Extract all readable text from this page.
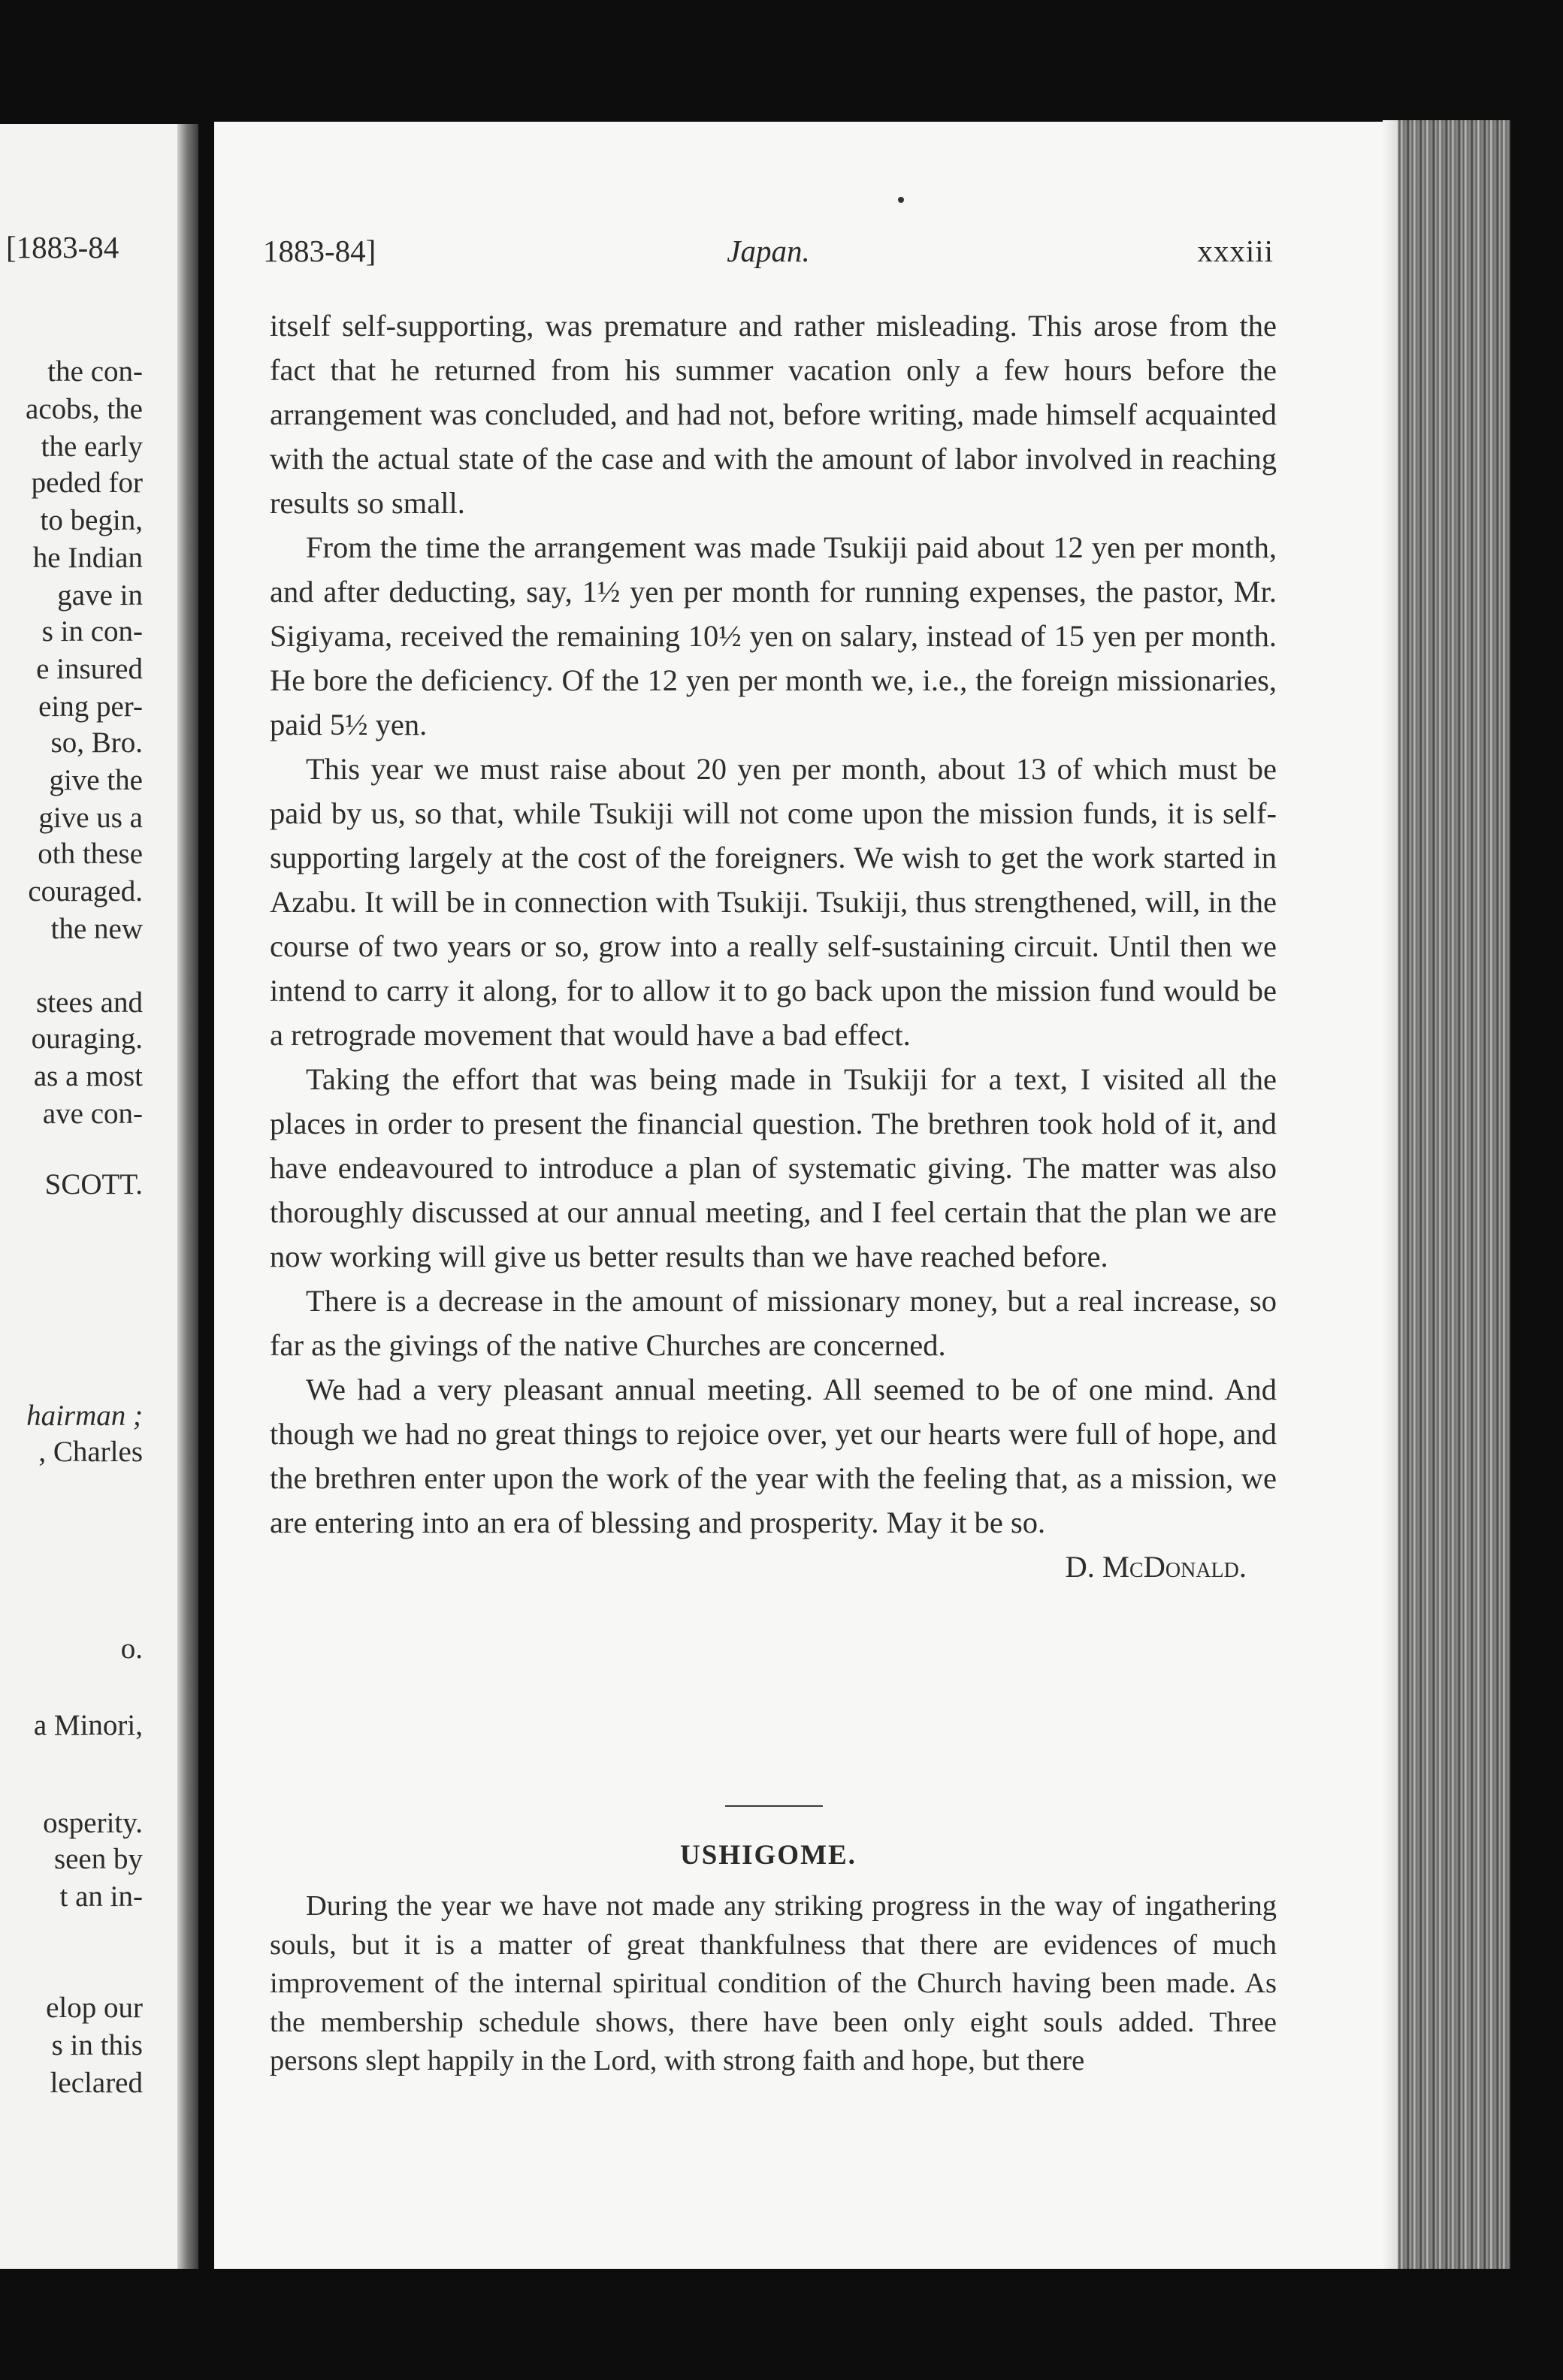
[1883-84
the con-
acobs, the
the early
peded for
to begin,
he Indian
gave in
s in con-
e insured
eing per-
so, Bro.
give the
give us a
oth these
couraged.
the new
stees and
ouraging.
as a most
ave con-
SCOTT.
hairman ;
, Charles
o.
a Minori,
osperity.
seen by
t an in-
elop our
s in this
leclared
1883-84]	Japan.	xxxiii

itself self-supporting, was premature and rather misleading. This arose from the fact that he returned from his summer vacation only a few hours before the arrangement was concluded, and had not, before writing, made himself acquainted with the actual state of the case and with the amount of labor involved in reaching results so small.

From the time the arrangement was made Tsukiji paid about 12 yen per month, and after deducting, say, 1½ yen per month for running expenses, the pastor, Mr. Sigiyama, received the remaining 10½ yen on salary, instead of 15 yen per month. He bore the deficiency. Of the 12 yen per month we, i.e., the foreign missionaries, paid 5½ yen.

This year we must raise about 20 yen per month, about 13 of which must be paid by us, so that, while Tsukiji will not come upon the mission funds, it is self-supporting largely at the cost of the foreigners. We wish to get the work started in Azabu. It will be in connection with Tsukiji. Tsukiji, thus strengthened, will, in the course of two years or so, grow into a really self-sustaining circuit. Until then we intend to carry it along, for to allow it to go back upon the mission fund would be a retrograde movement that would have a bad effect.

Taking the effort that was being made in Tsukiji for a text, I visited all the places in order to present the financial question. The brethren took hold of it, and have endeavoured to introduce a plan of systematic giving. The matter was also thoroughly discussed at our annual meeting, and I feel certain that the plan we are now working will give us better results than we have reached before.

There is a decrease in the amount of missionary money, but a real increase, so far as the givings of the native Churches are concerned.

We had a very pleasant annual meeting. All seemed to be of one mind. And though we had no great things to rejoice over, yet our hearts were full of hope, and the brethren enter upon the work of the year with the feeling that, as a mission, we are entering into an era of blessing and prosperity. May it be so.
D. McDonald.

USHIGOME.

During the year we have not made any striking progress in the way of ingathering souls, but it is a matter of great thankfulness that there are evidences of much improvement of the internal spiritual condition of the Church having been made. As the membership schedule shows, there have been only eight souls added. Three persons slept happily in the Lord, with strong faith and hope, but there
